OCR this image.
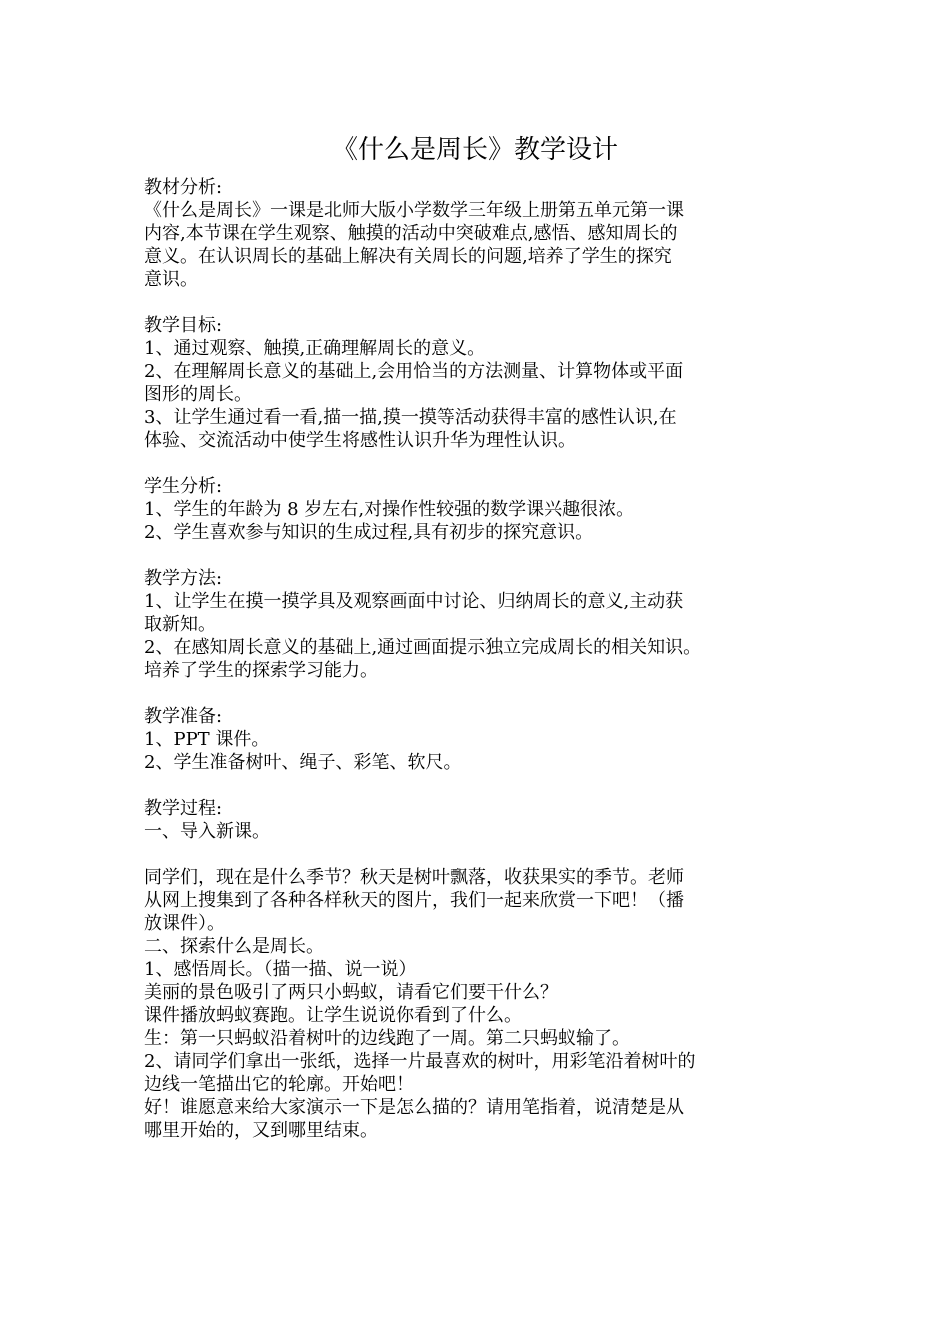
《什么是周长》教学设计

教材分析:

《什么是周长》一课是北师大版小学数学三年级上册第五单元第一课

内容,本节课在学生观察、触摸的活动中突破难点,感悟、感知周长的

意义。在认识周长的基础上解决有关周长的问题,培养了学生的探究

意识。

教学目标:

1、通过观察、触摸,正确理解周长的意义。

2、在理解周长意义的基础上,会用恰当的方法测量、计算物体或平面

图形的周长。

3、让学生通过看一看,描一描,摸一摸等活动获得丰富的感性认识,在

体验、交流活动中使学生将感性认识升华为理性认识。

学生分析:

1、学生的年龄为 8 岁左右,对操作性较强的数学课兴趣很浓。

2、学生喜欢参与知识的生成过程,具有初步的探究意识。

教学方法:

1、让学生在摸一摸学具及观察画面中讨论、归纳周长的意义,主动获

取新知。

2、在感知周长意义的基础上,通过画面提示独立完成周长的相关知识。

培养了学生的探索学习能力。

教学准备:

1、PPT 课件。

2、学生准备树叶、绳子、彩笔、软尺。

教学过程:

一、导入新课。

同学们，现在是什么季节？秋天是树叶飘落，收获果实的季节。老师

从网上搜集到了各种各样秋天的图片，我们一起来欣赏一下吧！（播

放课件）。

二、探索什么是周长。

1、感悟周长。（描一描、说一说）

美丽的景色吸引了两只小蚂蚁，请看它们要干什么？

课件播放蚂蚁赛跑。让学生说说你看到了什么。

生：第一只蚂蚁沿着树叶的边线跑了一周。第二只蚂蚁输了。

2、请同学们拿出一张纸，选择一片最喜欢的树叶，用彩笔沿着树叶的

边线一笔描出它的轮廓。开始吧！

好！谁愿意来给大家演示一下是怎么描的？请用笔指着，说清楚是从

哪里开始的，又到哪里结束。
